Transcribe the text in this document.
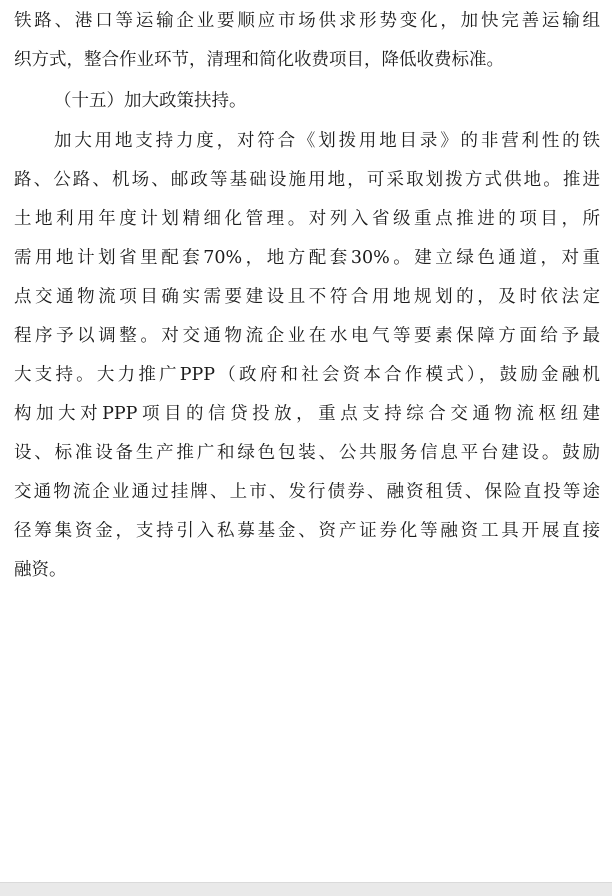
铁路、港口等运输企业要顺应市场供求形势变化，加快完善运输组
织方式，整合作业环节，清理和简化收费项目，降低收费标准。
（十五）加大政策扶持。
加大用地支持力度，对符合《划拨用地目录》的非营利性的铁
路、公路、机场、邮政等基础设施用地，可采取划拨方式供地。推进
土地利用年度计划精细化管理。对列入省级重点推进的项目，所
需用地计划省里配套70%，地方配套30%。建立绿色通道，对重
点交通物流项目确实需要建设且不符合用地规划的，及时依法定
程序予以调整。对交通物流企业在水电气等要素保障方面给予最
大支持。大力推广PPP（政府和社会资本合作模式），鼓励金融机
构加大对PPP项目的信贷投放，重点支持综合交通物流枢纽建
设、标准设备生产推广和绿色包装、公共服务信息平台建设。鼓励
交通物流企业通过挂牌、上市、发行债券、融资租赁、保险直投等途
径筹集资金，支持引入私募基金、资产证券化等融资工具开展直接
融资。
